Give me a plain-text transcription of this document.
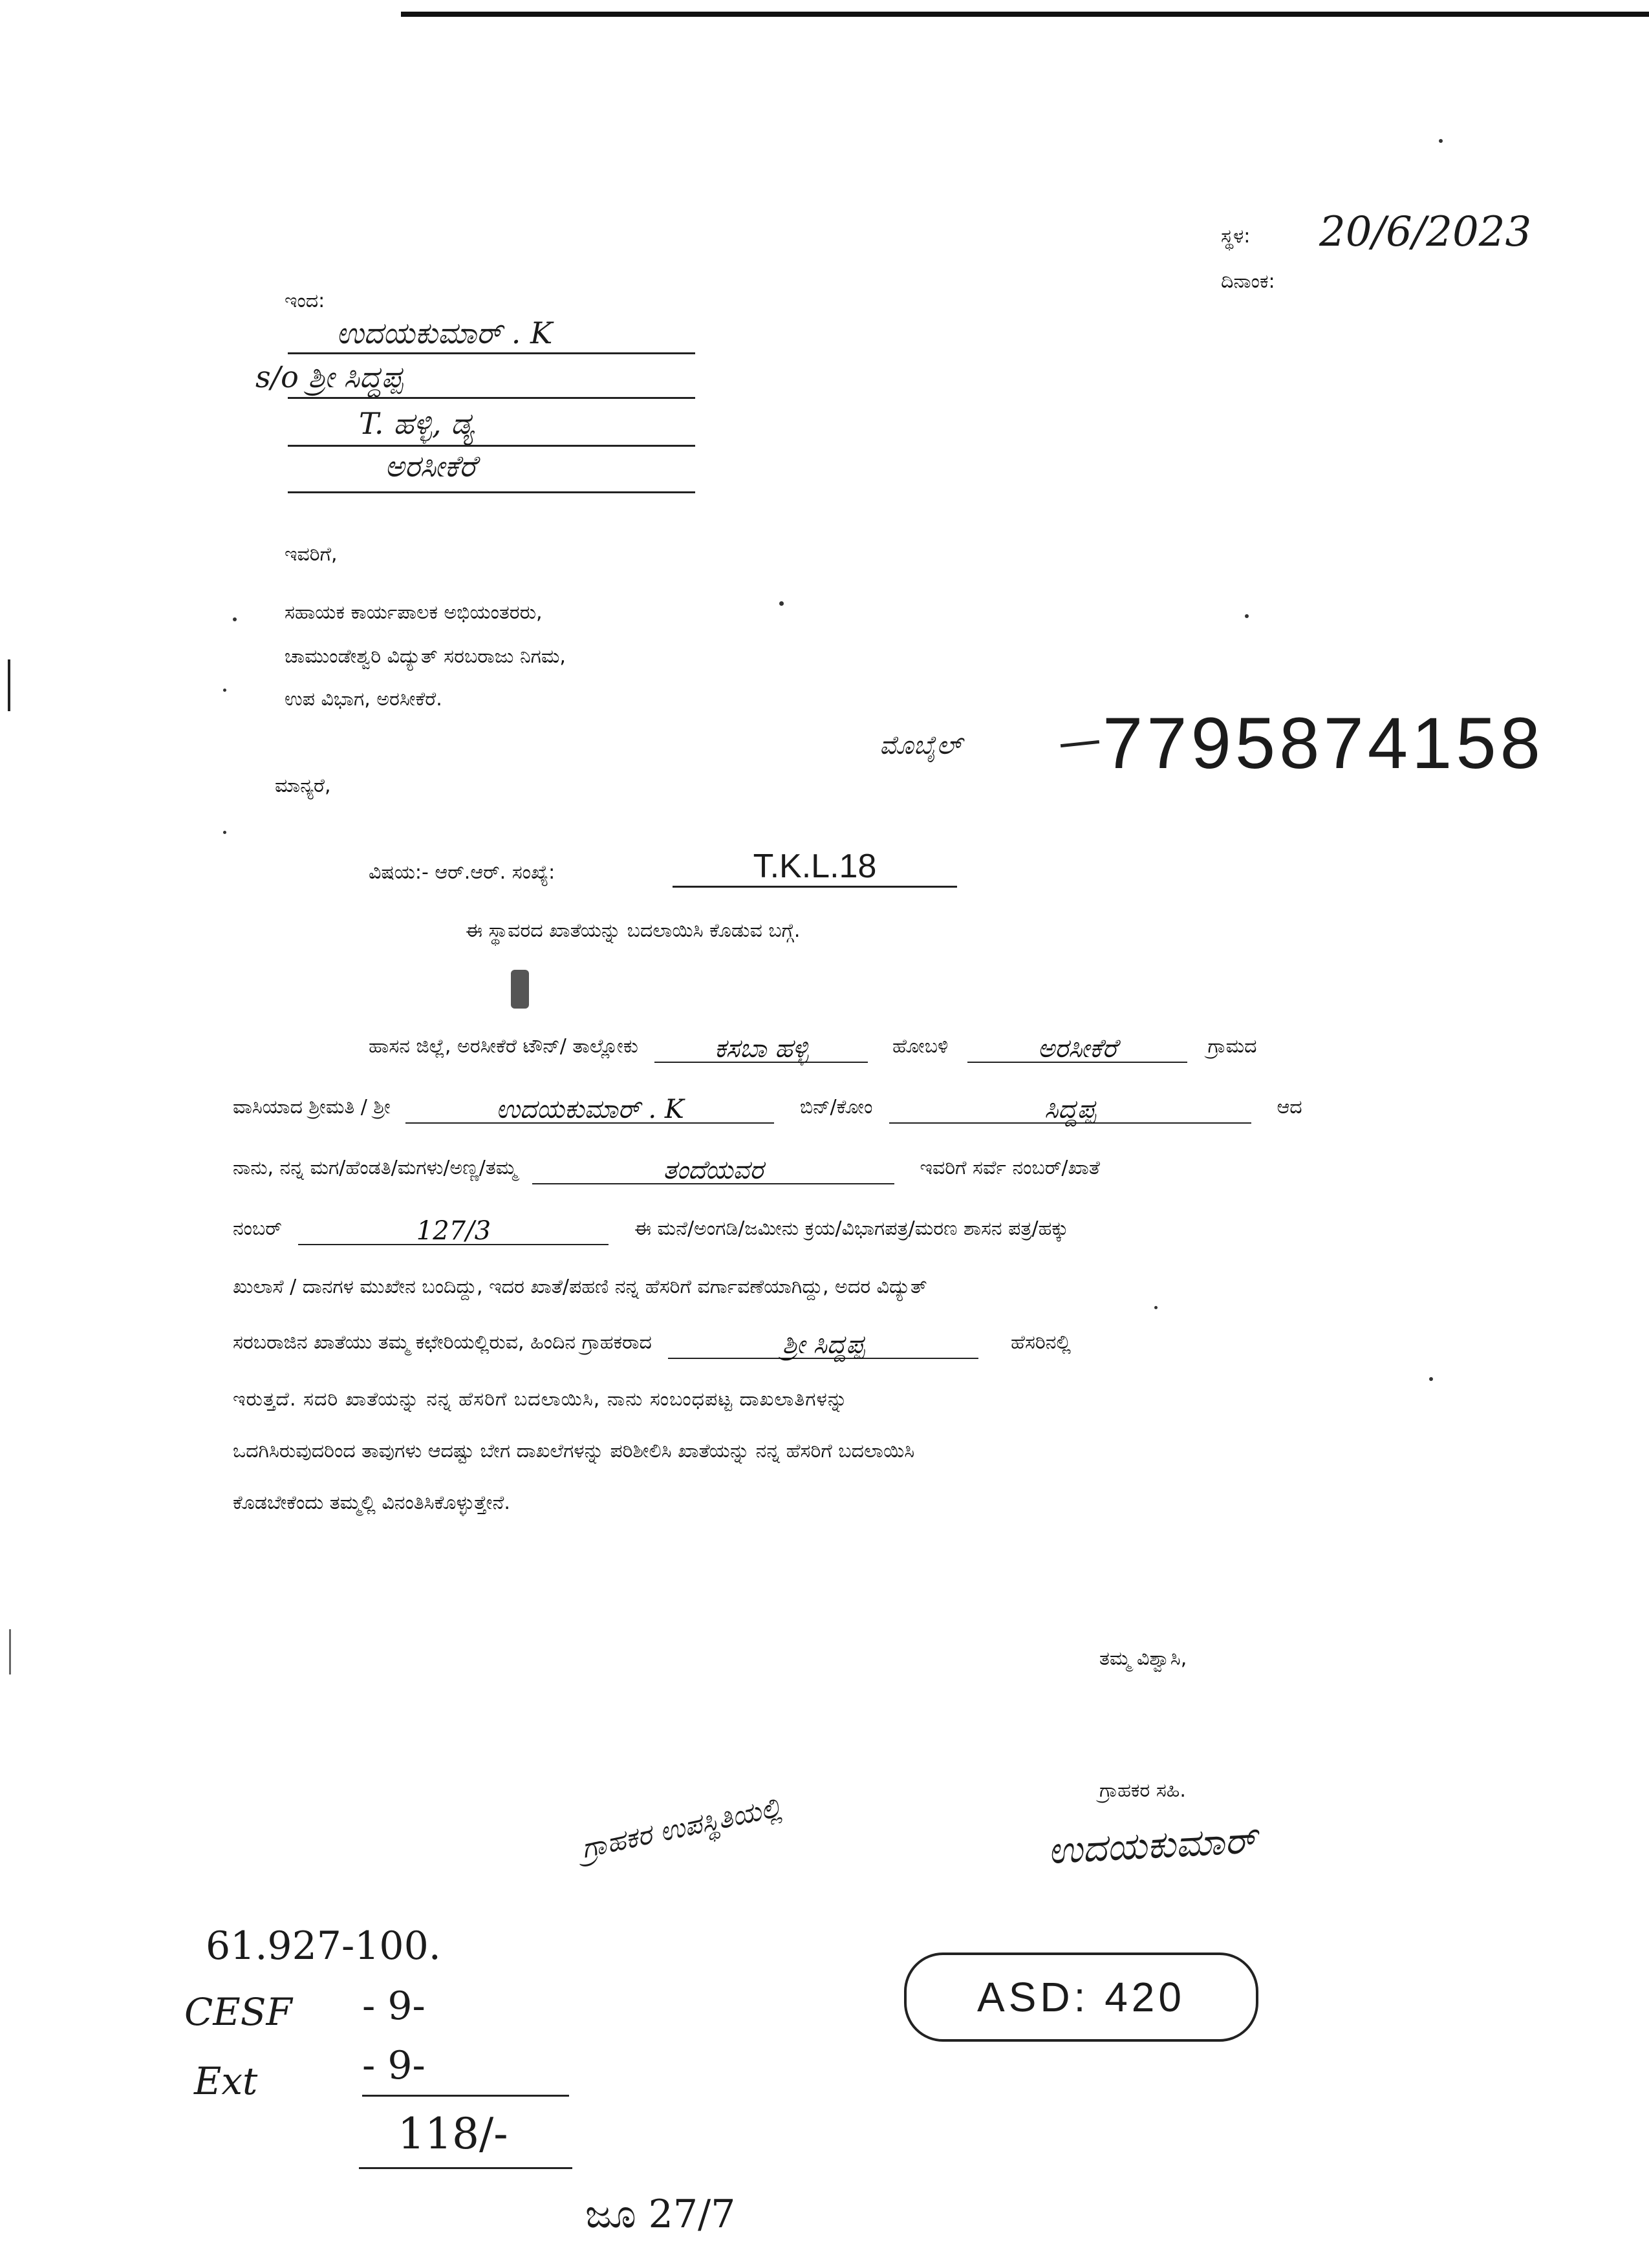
ಸ್ಥಳ: 20/6/2023
ದಿನಾಂಕ:
ಇಂದ:
ಉದಯಕುಮಾರ್ . K
s/o ಶ್ರೀ ಸಿದ್ದಪ್ಪ
T. ಹಳ್ಳಿ, ಡ್ಯ
ಅರಸೀಕೆರೆ
ಇವರಿಗೆ,
ಸಹಾಯಕ ಕಾರ್ಯಪಾಲಕ ಅಭಿಯಂತರರು,
ಚಾಮುಂಡೇಶ್ವರಿ ವಿದ್ಯುತ್ ಸರಬರಾಜು ನಿಗಮ,
ಉಪ ವಿಭಾಗ, ಅರಸೀಕೆರೆ.
ಮೊಬೈಲ್ 7795874158
ಮಾನ್ಯರೆ,
ವಿಷಯ:- ಆರ್.ಆರ್. ಸಂಖ್ಯೆ:	T.K.L.18
ಈ ಸ್ಥಾವರದ ಖಾತೆಯನ್ನು ಬದಲಾಯಿಸಿ ಕೊಡುವ ಬಗ್ಗೆ.
ಹಾಸನ ಜಿಲ್ಲೆ, ಅರಸೀಕೆರೆ ಟೌನ್/ ತಾಲ್ಲೋಕು	ಕಸಬಾ ಹಳ್ಳಿ	ಹೋಬಳಿ	ಅರಸೀಕೆರೆ	ಗ್ರಾಮದ
ವಾಸಿಯಾದ ಶ್ರೀಮತಿ / ಶ್ರೀ	ಉದಯಕುಮಾರ್ . K	ಬಿನ್/ಕೋಂ	ಸಿದ್ದಪ್ಪ	ಆದ
ನಾನು, ನನ್ನ ಮಗ/ಹೆಂಡತಿ/ಮಗಳು/ಅಣ್ಣ/ತಮ್ಮ	ತಂದೆಯವರ	ಇವರಿಗೆ ಸರ್ವೆ ನಂಬರ್/ಖಾತೆ
ನಂಬರ್	127/3	ಈ ಮನೆ/ಅಂಗಡಿ/ಜಮೀನು ಕ್ರಯ/ವಿಭಾಗಪತ್ರ/ಮರಣ ಶಾಸನ ಪತ್ರ/ಹಕ್ಕು
ಖುಲಾಸೆ / ದಾನಗಳ ಮುಖೇನ ಬಂದಿದ್ದು, ಇದರ ಖಾತೆ/ಪಹಣಿ ನನ್ನ ಹೆಸರಿಗೆ ವರ್ಗಾವಣೆಯಾಗಿದ್ದು, ಅದರ ವಿದ್ಯುತ್
ಸರಬರಾಜಿನ ಖಾತೆಯು ತಮ್ಮ ಕಛೇರಿಯಲ್ಲಿರುವ, ಹಿಂದಿನ ಗ್ರಾಹಕರಾದ	ಶ್ರೀ ಸಿದ್ದಪ್ಪ	ಹೆಸರಿನಲ್ಲಿ
ಇರುತ್ತದೆ. ಸದರಿ ಖಾತೆಯನ್ನು ನನ್ನ ಹೆಸರಿಗೆ ಬದಲಾಯಿಸಿ, ನಾನು ಸಂಬಂಧಪಟ್ಟ ದಾಖಲಾತಿಗಳನ್ನು
ಒದಗಿಸಿರುವುದರಿಂದ ತಾವುಗಳು ಆದಷ್ಟು ಬೇಗ ದಾಖಲೆಗಳನ್ನು ಪರಿಶೀಲಿಸಿ ಖಾತೆಯನ್ನು ನನ್ನ ಹೆಸರಿಗೆ ಬದಲಾಯಿಸಿ
ಕೊಡಬೇಕೆಂದು ತಮ್ಮಲ್ಲಿ ವಿನಂತಿಸಿಕೊಳ್ಳುತ್ತೇನೆ.
ತಮ್ಮ ವಿಶ್ವಾಸಿ,
ಗ್ರಾಹಕರ ಸಹಿ.
ಗ್ರಾಹಕರ ಉಪಸ್ಥಿತಿಯಲ್ಲಿ	ಉದಯಕುಮಾರ್
61.927-100.
CESF - 9-
Ext	- 9-
118/-
ಜೂ 27/7
ASD: 420
